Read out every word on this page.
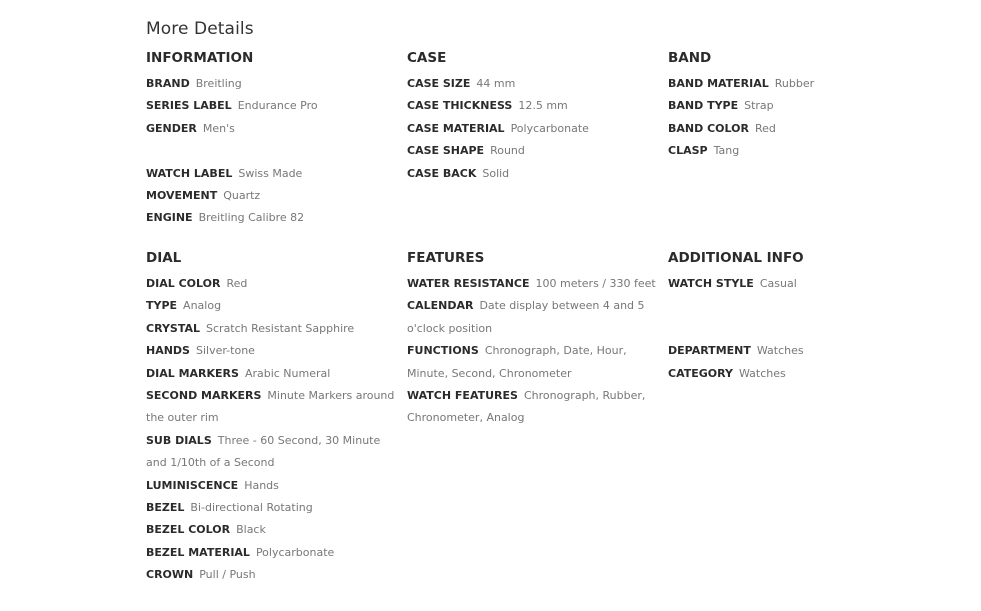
More Details
INFORMATION
BRAND Breitling
SERIES LABEL Endurance Pro
GENDER Men's
WATCH LABEL Swiss Made
MOVEMENT Quartz
ENGINE Breitling Calibre 82
CASE
CASE SIZE 44 mm
CASE THICKNESS 12.5 mm
CASE MATERIAL Polycarbonate
CASE SHAPE Round
CASE BACK Solid
BAND
BAND MATERIAL Rubber
BAND TYPE Strap
BAND COLOR Red
CLASP Tang
DIAL
DIAL COLOR Red
TYPE Analog
CRYSTAL Scratch Resistant Sapphire
HANDS Silver-tone
DIAL MARKERS Arabic Numeral
SECOND MARKERS Minute Markers around the outer rim
SUB DIALS Three - 60 Second, 30 Minute and 1/10th of a Second
LUMINISCENCE Hands
BEZEL Bi-directional Rotating
BEZEL COLOR Black
BEZEL MATERIAL Polycarbonate
CROWN Pull / Push
FEATURES
WATER RESISTANCE 100 meters / 330 feet
CALENDAR Date display between 4 and 5 o'clock position
FUNCTIONS Chronograph, Date, Hour, Minute, Second, Chronometer
WATCH FEATURES Chronograph, Rubber, Chronometer, Analog
ADDITIONAL INFO
WATCH STYLE Casual
DEPARTMENT Watches
CATEGORY Watches
